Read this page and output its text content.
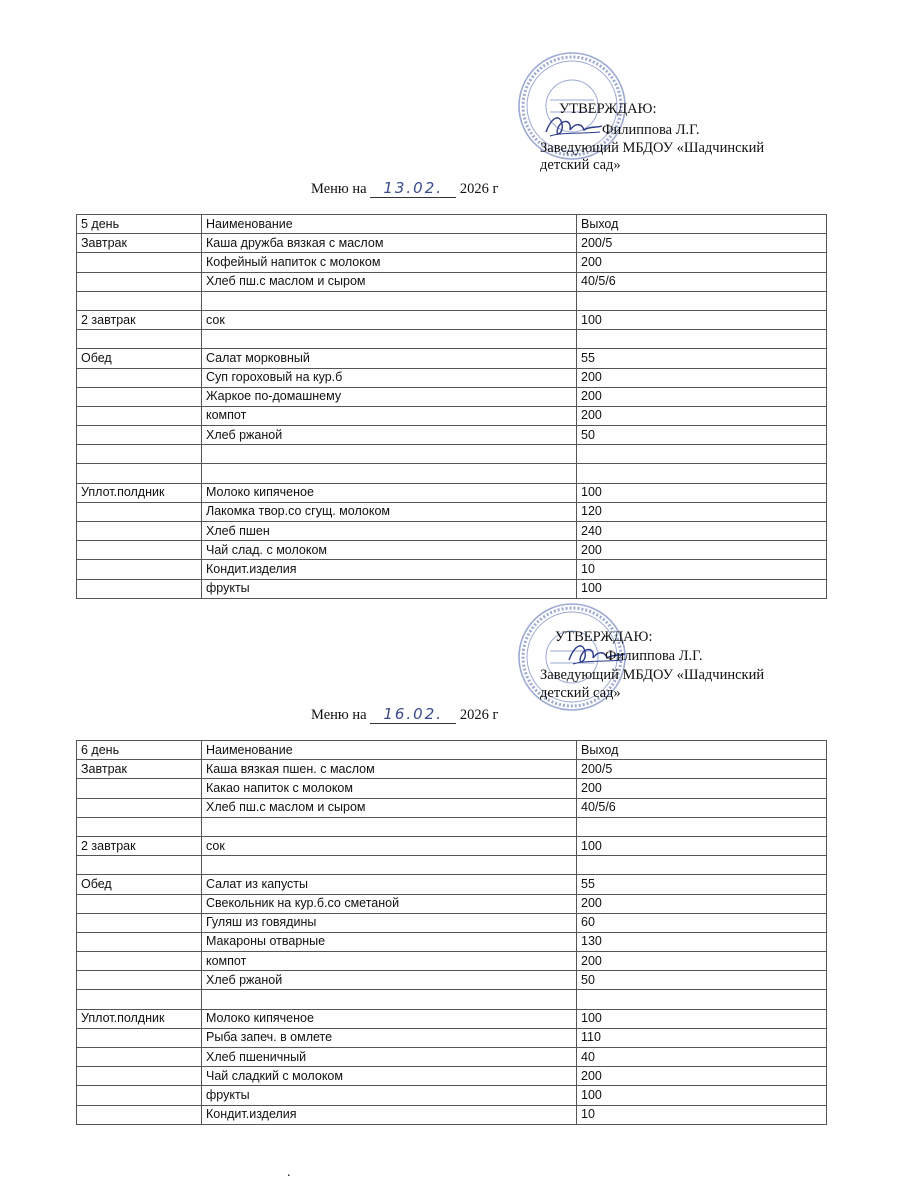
УТВЕРЖДАЮ:
Филиппова Л.Г.
Заведующий МБДОУ «Шадчинский
детский сад»
Меню на 13.02. 2026 г
5 день	Наименование	Выход
Завтрак	Каша дружба вязкая с маслом	200/5
	Кофейный напиток с молоком	200
	Хлеб пш.с маслом и сыром	40/5/6

2 завтрак	сок	100

Обед	Салат морковный	55
	Суп гороховый на кур.б	200
	Жаркое по-домашнему	200
	компот	200
	Хлеб ржаной	50

Уплот.полдник	Молоко кипяченое	100
	Лакомка твор.со сгущ. молоком	120
	Хлеб пшен	240
	Чай слад. с молоком	200
	Кондит.изделия	10
	фрукты	100
УТВЕРЖДАЮ:
Филиппова Л.Г.
Заведующий МБДОУ «Шадчинский
детский сад»
Меню на 16.02. 2026 г
6 день	Наименование	Выход
Завтрак	Каша вязкая пшен. с маслом	200/5
	Какао напиток с молоком	200
	Хлеб пш.с маслом и сыром	40/5/6

2 завтрак	сок	100

Обед	Салат из капусты	55
	Свекольник на кур.б.со сметаной	200
	Гуляш из говядины	60
	Макароны отварные	130
	компот	200
	Хлеб ржаной	50

Уплот.полдник	Молоко кипяченое	100
	Рыба запеч. в омлете	110
	Хлеб пшеничный	40
	Чай сладкий с молоком	200
	фрукты	100
	Кондит.изделия	10
.
